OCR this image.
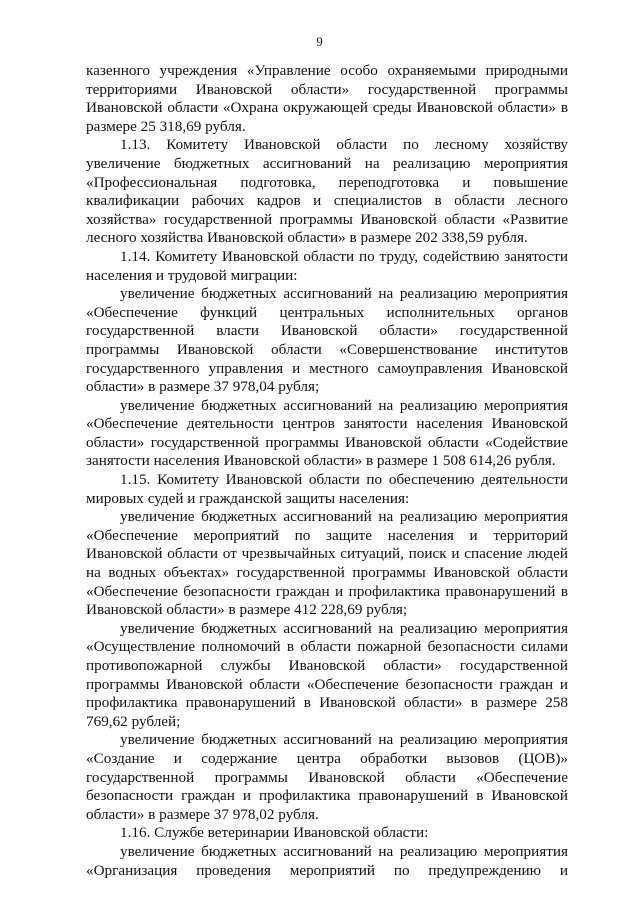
9

казенного учреждения «Управление особо охраняемыми природными территориями Ивановской области» государственной программы Ивановской области «Охрана окружающей среды Ивановской области» в размере 25 318,69 рубля.

1.13. Комитету Ивановской области по лесному хозяйству увеличение бюджетных ассигнований на реализацию мероприятия «Профессиональная подготовка, переподготовка и повышение квалификации рабочих кадров и специалистов в области лесного хозяйства» государственной программы Ивановской области «Развитие лесного хозяйства Ивановской области» в размере 202 338,59 рубля.

1.14. Комитету Ивановской области по труду, содействию занятости населения и трудовой миграции:

увеличение бюджетных ассигнований на реализацию мероприятия «Обеспечение функций центральных исполнительных органов государственной власти Ивановской области» государственной программы Ивановской области «Совершенствование институтов государственного управления и местного самоуправления Ивановской области» в размере 37 978,04 рубля;

увеличение бюджетных ассигнований на реализацию мероприятия «Обеспечение деятельности центров занятости населения Ивановской области» государственной программы Ивановской области «Содействие занятости населения Ивановской области» в размере 1 508 614,26 рубля.

1.15. Комитету Ивановской области по обеспечению деятельности мировых судей и гражданской защиты населения:

увеличение бюджетных ассигнований на реализацию мероприятия «Обеспечение мероприятий по защите населения и территорий Ивановской области от чрезвычайных ситуаций, поиск и спасение людей на водных объектах» государственной программы Ивановской области «Обеспечение безопасности граждан и профилактика правонарушений в Ивановской области» в размере 412 228,69 рубля;

увеличение бюджетных ассигнований на реализацию мероприятия «Осуществление полномочий в области пожарной безопасности силами противопожарной службы Ивановской области» государственной программы Ивановской области «Обеспечение безопасности граждан и профилактика правонарушений в Ивановской области» в размере 258 769,62 рублей;

увеличение бюджетных ассигнований на реализацию мероприятия «Создание и содержание центра обработки вызовов (ЦОВ)» государственной программы Ивановской области «Обеспечение безопасности граждан и профилактика правонарушений в Ивановской области» в размере 37 978,02 рубля.

1.16. Службе ветеринарии Ивановской области:

увеличение бюджетных ассигнований на реализацию мероприятия «Организация проведения мероприятий по предупреждению и
